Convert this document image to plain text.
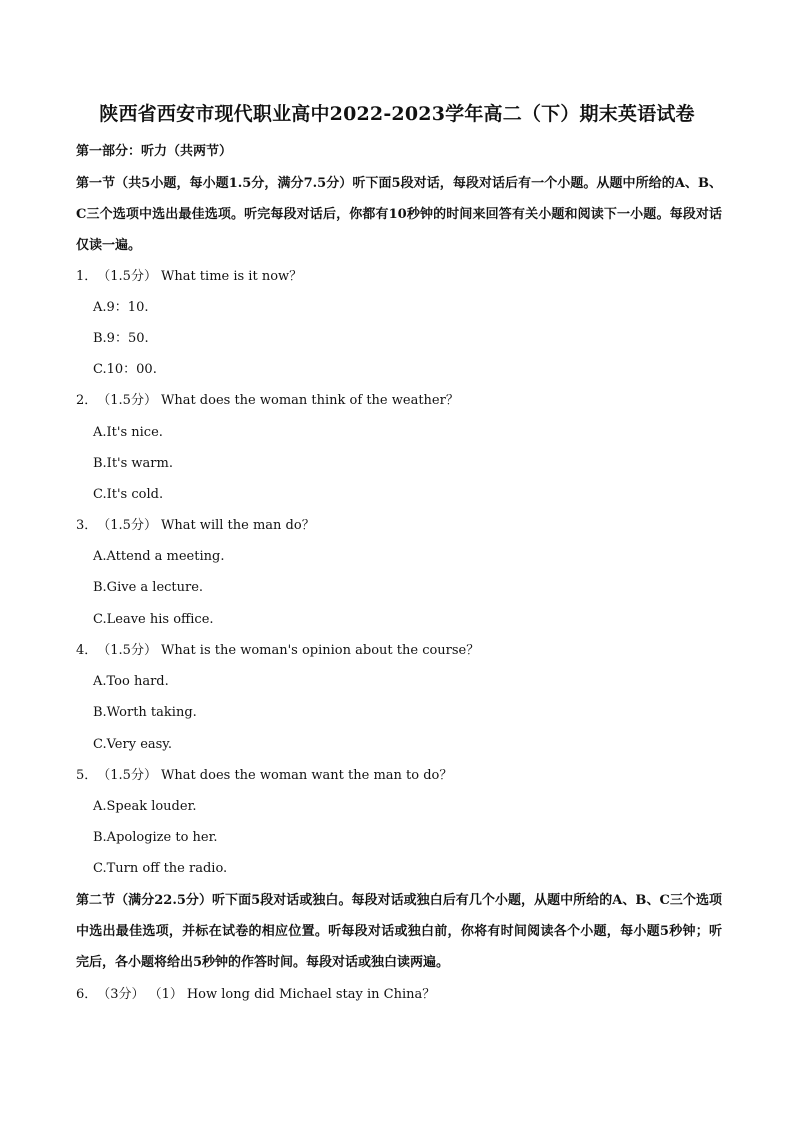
陕西省西安市现代职业高中2022-2023学年高二（下）期末英语试卷
第一部分：听力（共两节）
第一节（共5小题，每小题1.5分，满分7.5分）听下面5段对话，每段对话后有一个小题。从题中所给的A、B、C三个选项中选出最佳选项。听完每段对话后，你都有10秒钟的时间来回答有关小题和阅读下一小题。每段对话仅读一遍。
1．（1.5分） What time is it now？
A.9：10.
B.9：50.
C.10：00.
2．（1.5分） What does the woman think of the weather？
A.It's nice.
B.It's warm.
C.It's cold.
3．（1.5分） What will the man do？
A.Attend a meeting.
B.Give a lecture.
C.Leave his office.
4．（1.5分） What is the woman's opinion about the course？
A.Too hard.
B.Worth taking.
C.Very easy.
5．（1.5分） What does the woman want the man to do？
A.Speak louder.
B.Apologize to her.
C.Turn off the radio.
第二节（满分22.5分）听下面5段对话或独白。每段对话或独白后有几个小题，从题中所给的A、B、C三个选项中选出最佳选项，并标在试卷的相应位置。听每段对话或独白前，你将有时间阅读各个小题，每小题5秒钟；听完后，各小题将给出5秒钟的作答时间。每段对话或独白读两遍。
6．（3分） （1） How long did Michael stay in China？
